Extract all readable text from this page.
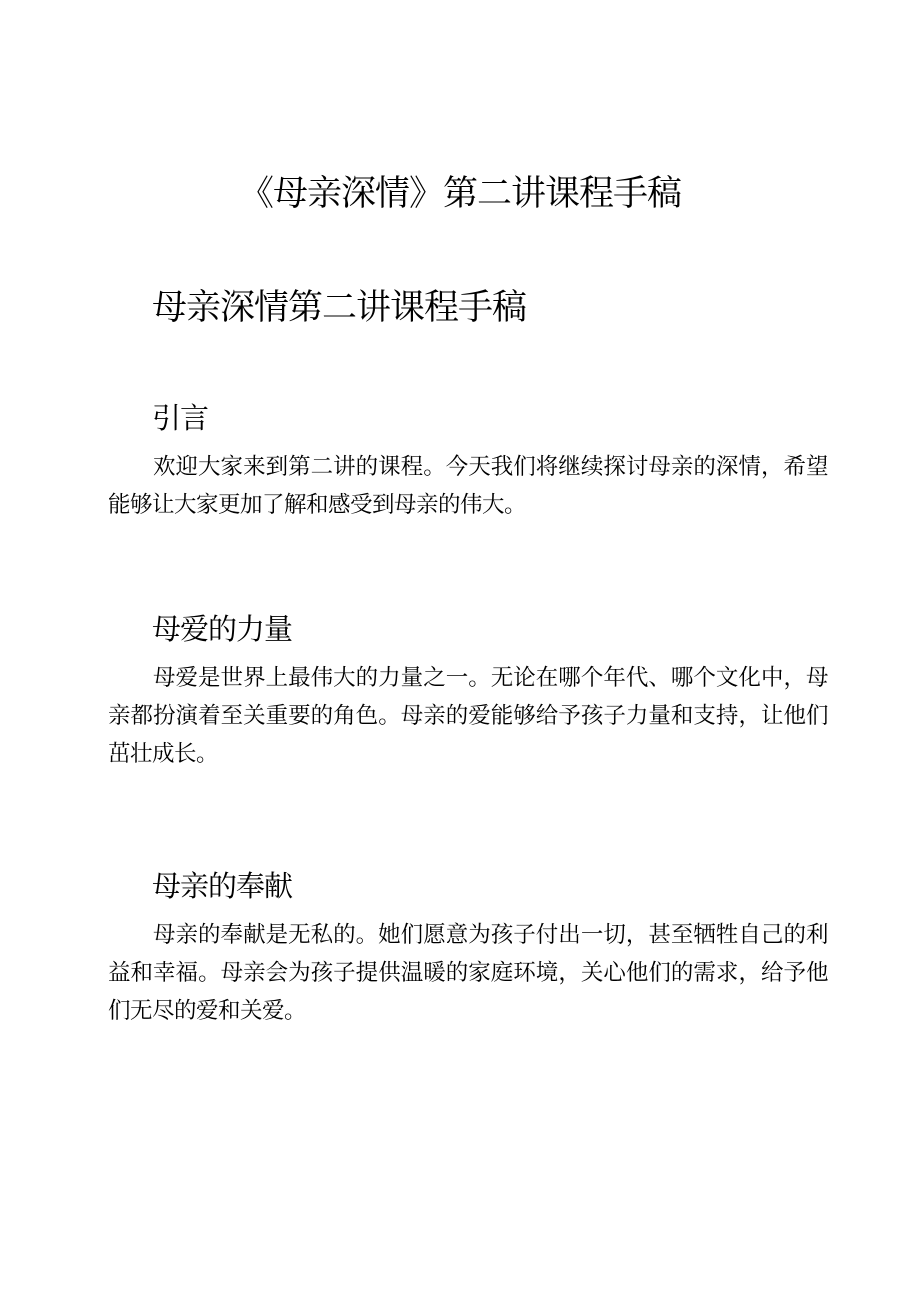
《母亲深情》第二讲课程手稿
母亲深情第二讲课程手稿
引言

欢迎大家来到第二讲的课程。今天我们将继续探讨母亲的深情，希望能够让大家更加了解和感受到母亲的伟大。

母爱的力量

母爱是世界上最伟大的力量之一。无论在哪个年代、哪个文化中，母亲都扮演着至关重要的角色。母亲的爱能够给予孩子力量和支持，让他们茁壮成长。

母亲的奉献

母亲的奉献是无私的。她们愿意为孩子付出一切，甚至牺牲自己的利益和幸福。母亲会为孩子提供温暖的家庭环境，关心他们的需求，给予他们无尽的爱和关爱。
